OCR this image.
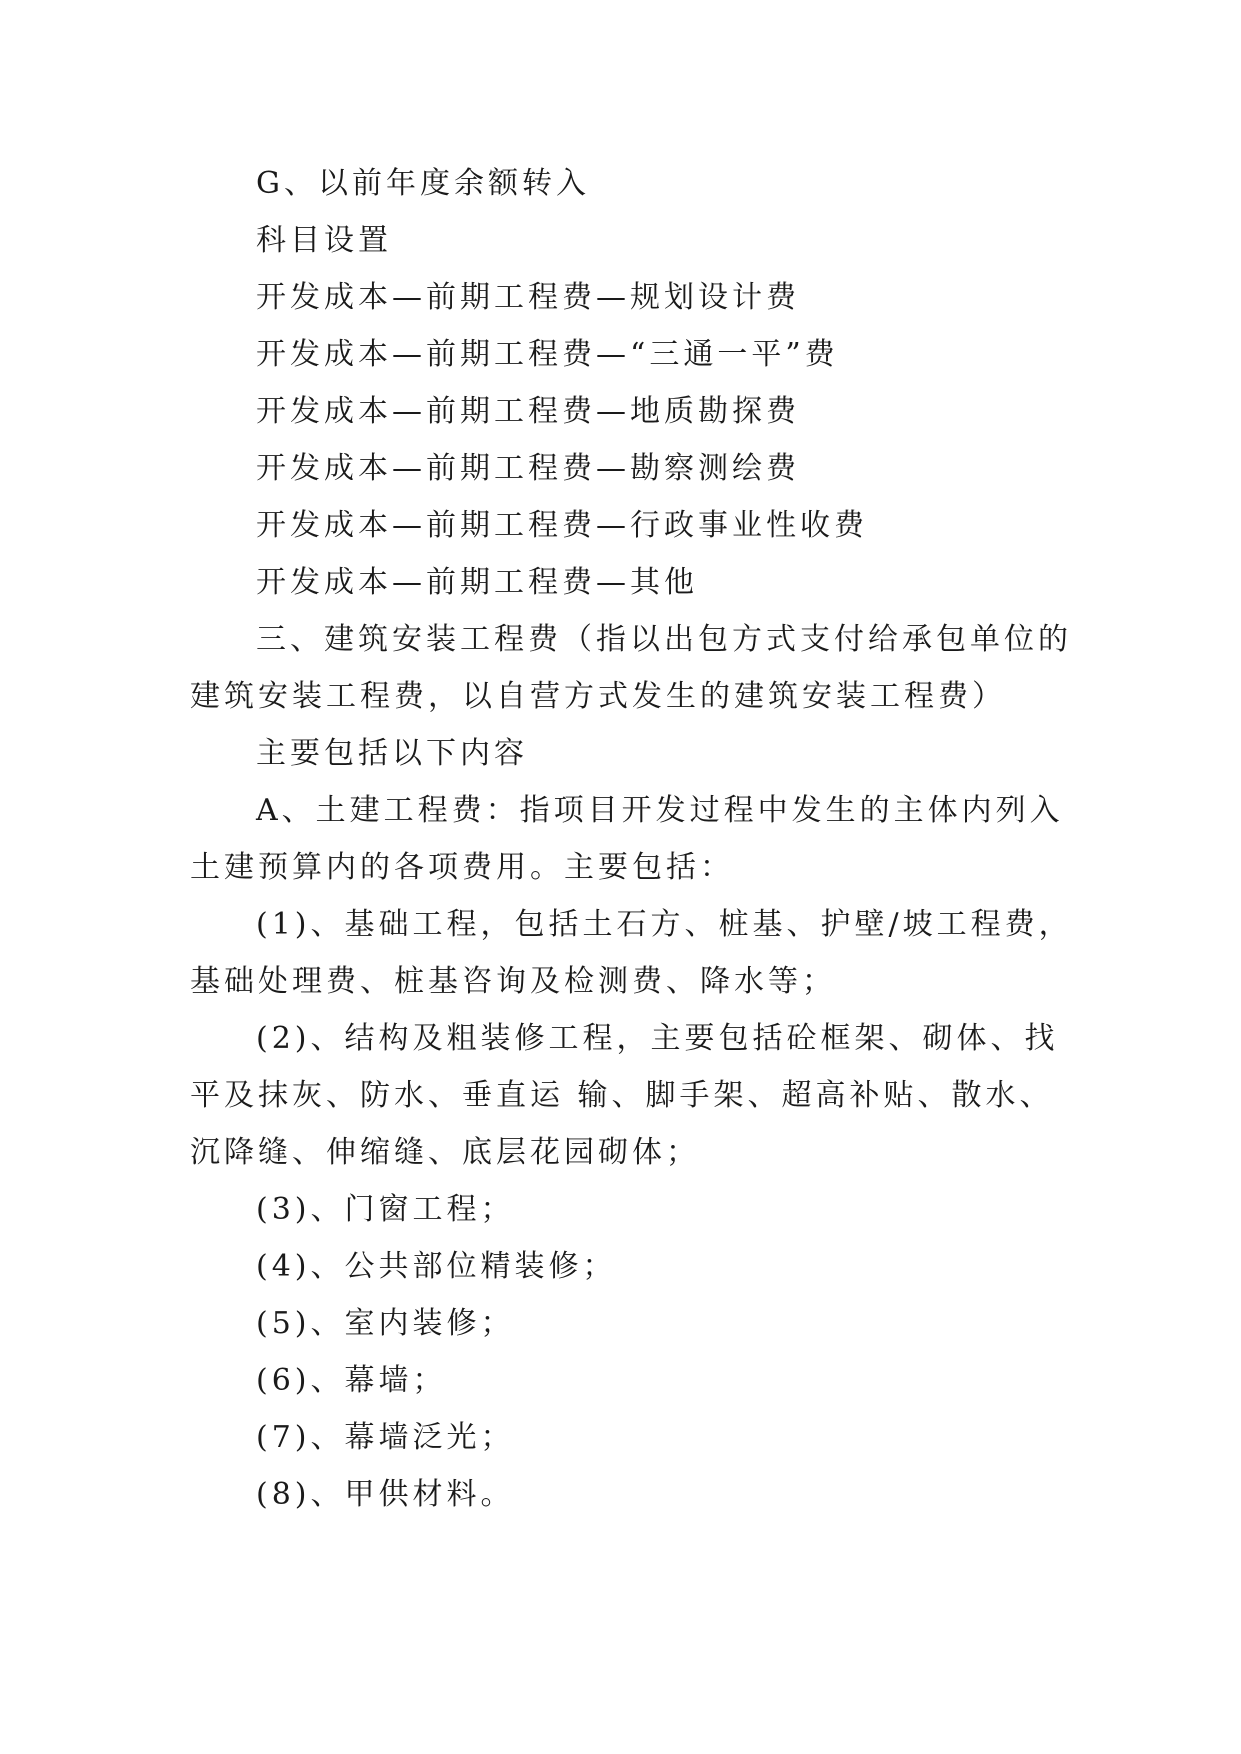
G、以前年度余额转入
科目设置
开发成本—前期工程费—规划设计费
开发成本—前期工程费—“三通一平”费
开发成本—前期工程费—地质勘探费
开发成本—前期工程费—勘察测绘费
开发成本—前期工程费—行政事业性收费
开发成本—前期工程费—其他
三、建筑安装工程费（指以出包方式支付给承包单位的
建筑安装工程费，以自营方式发生的建筑安装工程费）
主要包括以下内容
A、土建工程费：指项目开发过程中发生的主体内列入
土建预算内的各项费用。主要包括：
(1)、基础工程，包括土石方、桩基、护壁/坡工程费，
基础处理费、桩基咨询及检测费、降水等；
(2)、结构及粗装修工程，主要包括砼框架、砌体、找
平及抹灰、防水、垂直运 输、脚手架、超高补贴、散水、
沉降缝、伸缩缝、底层花园砌体；
(3)、门窗工程；
(4)、公共部位精装修；
(5)、室内装修；
(6)、幕墙；
(7)、幕墙泛光；
(8)、甲供材料。
